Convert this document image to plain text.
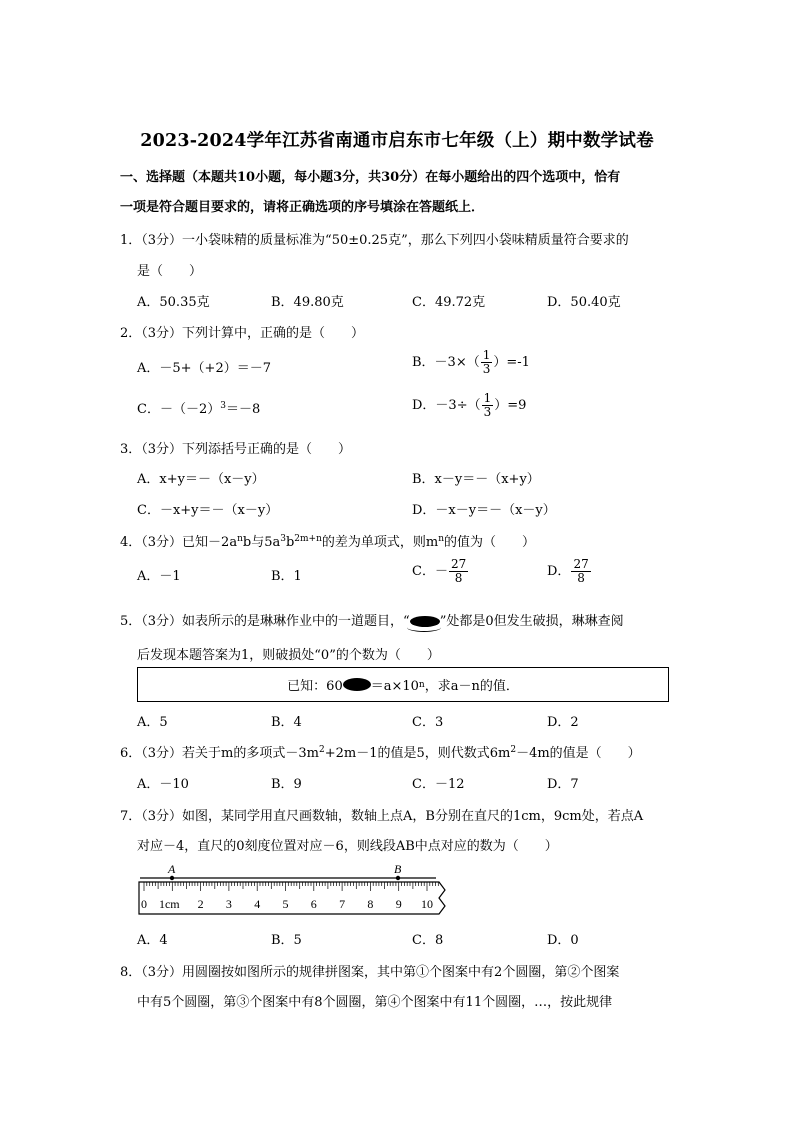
2023-2024学年江苏省南通市启东市七年级（上）期中数学试卷
一、选择题（本题共10小题，每小题3分，共30分）在每小题给出的四个选项中，恰有
一项是符合题目要求的，请将正确选项的序号填涂在答题纸上．
1．（3分）一小袋味精的质量标准为“50±0.25克”，那么下列四小袋味精质量符合要求的
是（　　）
A．50.35克	B．49.80克	C．49.72克	D．50.40克
2．（3分）下列计算中，正确的是（　　）
A．－5+（+2）＝－7	B．$-3\times( \frac{1}{3} )=-1$
C．$-(-2)^3=-8$	D．$-3\div( \frac{1}{3} )=9$
3．（3分）下列添括号正确的是（　　）
A．x+y＝－（x－y）	B．x－y＝－（x+y）
C．－x+y＝－（x－y）	D．－x－y＝－（x－y）
4．（3分）已知$-2a^nb$与$5a^3b^{2m+n}$的差为单项式，则$m^n$的值为（　　）
A．－1	B．1	C．－ $\frac{27}{8}$	D． $\frac{27}{8}$
5．（3分）如表所示的是琳琳作业中的一道题目，“ ”处都是0但发生破损，琳琳查阅
后发现本题答案为1，则破损处“0”的个数为（　　）
已知：60 ＝a×10 n ，求a－n的值．
A．5	B．4	C．3	D．2
6．（3分）若关于m的多项式$-3m^2+2m-1$的值是5，则代数式$6m^2-4m$的值是（　　）
A．－10	B．9	C．－12	D．7
7．（3分）如图，某同学用直尺画数轴，数轴上点A，B分别在直尺的1cm，9cm处，若点A
对应－4，直尺的0刻度位置对应－6，则线段AB中点对应的数为（　　）
A	B
0 1cm 2 3 4 5 6 7 8 9 10
A．4	B．5	C．8	D．0
8．（3分）用圆圈按如图所示的规律拼图案，其中第①个图案中有2个圆圈，第②个图案
中有5个圆圈，第③个图案中有8个圆圈，第④个图案中有11个圆圈，…，按此规律
